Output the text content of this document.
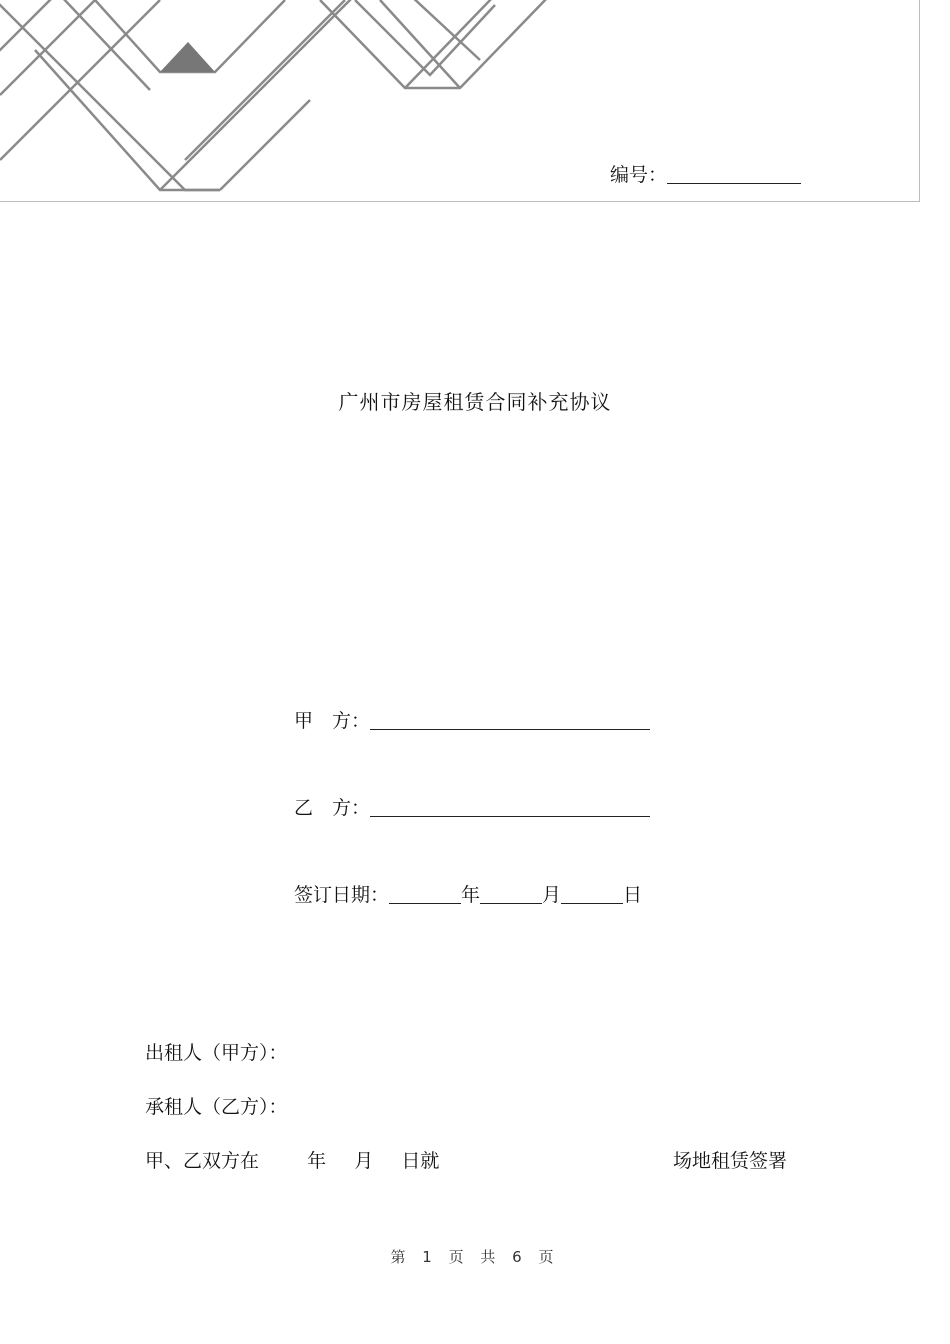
编号：
广州市房屋租赁合同补充协议
甲　方：
乙　方：
签订日期：	年	月	日
出租人（甲方）：
承租人（乙方）：
甲、乙双方在	年 月 日就	场地租赁签署
第 1 页 共 6 页
